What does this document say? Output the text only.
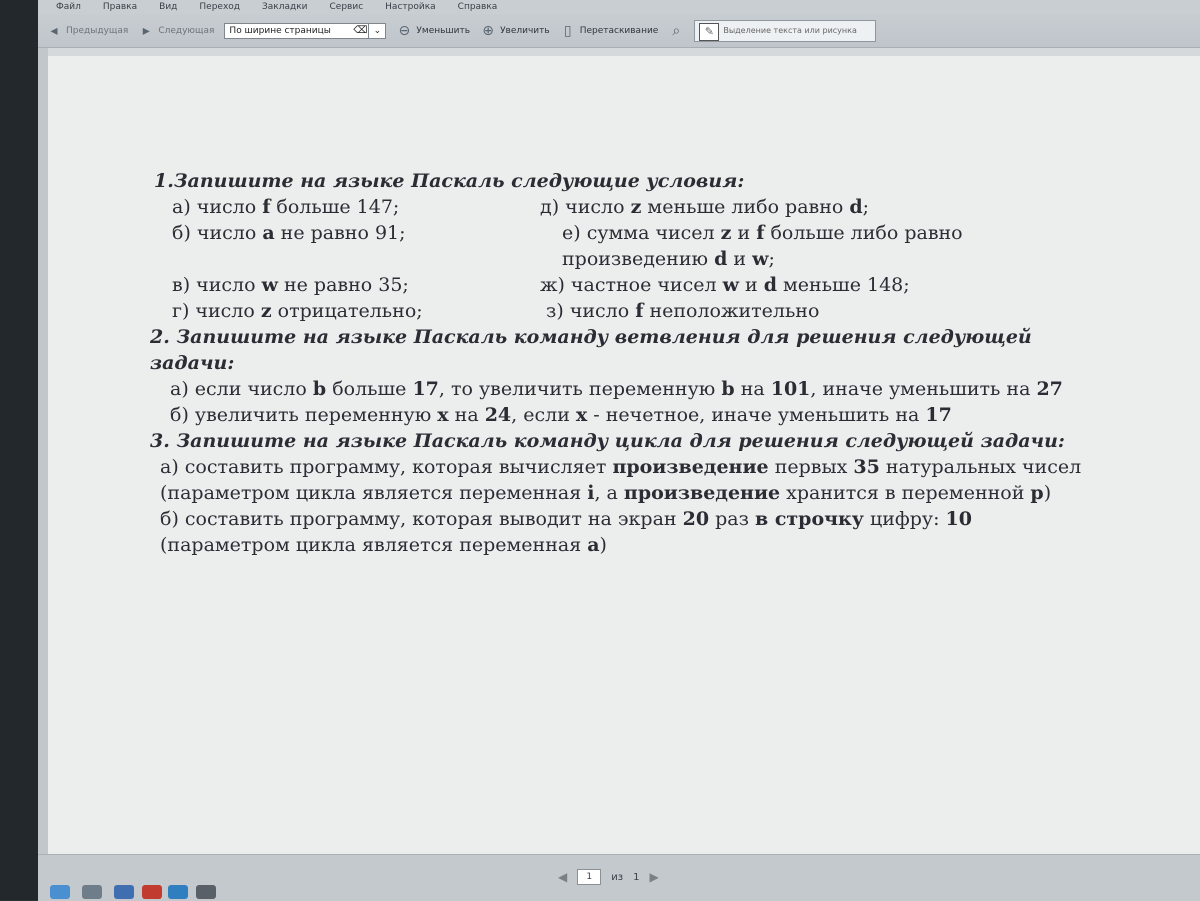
Файл Правка Вид Переход Закладки Сервис Настройка Справка
◂ Предыдущая	▸ Следующая По ширине страницы ⌫ ⌄	⊖ Уменьшить ⊕ Увеличить ▯ Перетаскивание ⌕	✎	Выделение текста или рисунка
1.Запишите на языке Паскаль следующие условия:
а) число f больше 147;	д) число z меньше либо равно d;
б) число a не равно 91;	е) сумма чисел z и f больше либо равно
произведению d и w;
в) число w не равно 35;	ж) частное чисел w и d меньше 148;
г) число z отрицательно;	з) число f неположительно
2. Запишите на языке Паскаль команду ветвления для решения следующей задачи:
а) если число b больше 17, то увеличить переменную b на 101, иначе уменьшить на 27
б) увеличить переменную x на 24, если x - нечетное, иначе уменьшить на 17
3. Запишите на языке Паскаль команду цикла для решения следующей задачи:
а) составить программу, которая вычисляет произведение первых 35 натуральных чисел
(параметром цикла является переменная i, а произведение хранится в переменной p)
б) составить программу, которая выводит на экран 20 раз в строчку цифру: 10
(параметром цикла является переменная a)
◀	1	из 1 ▶
